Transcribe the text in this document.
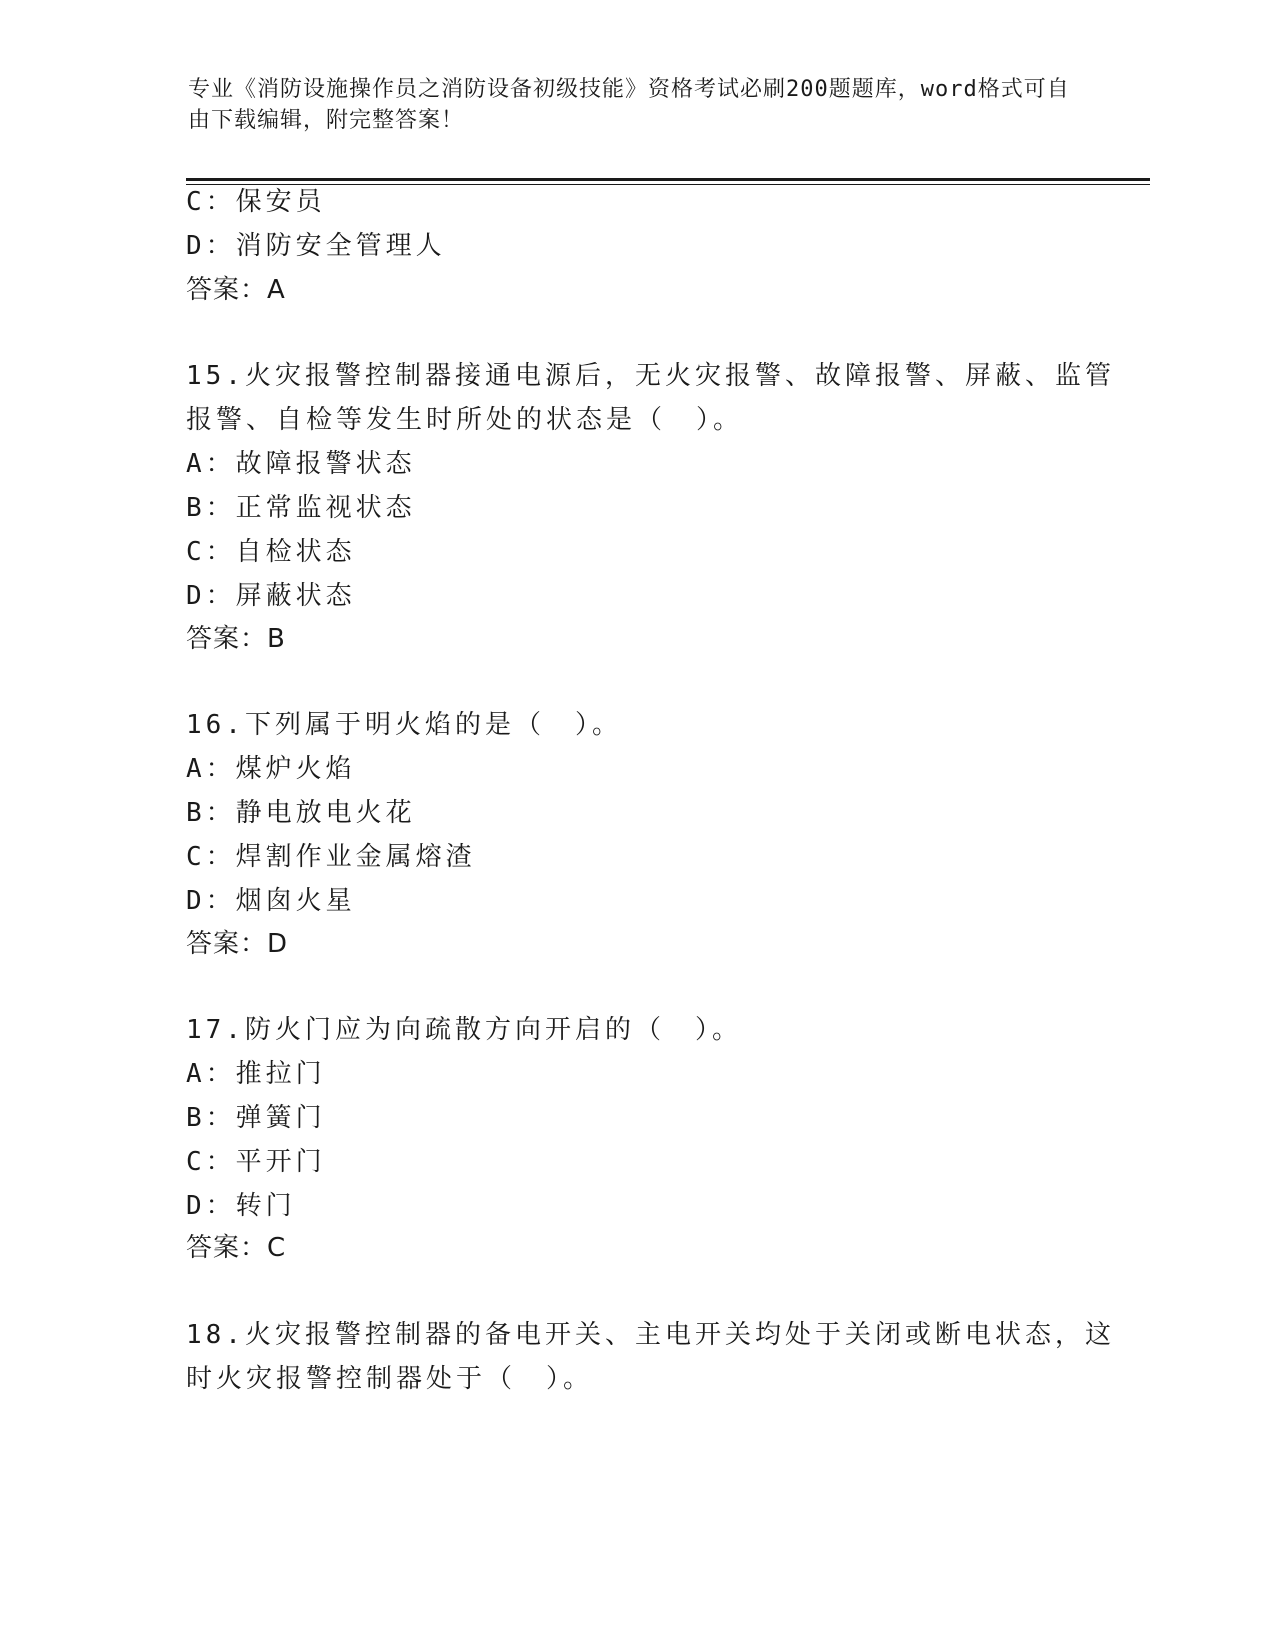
专业《消防设施操作员之消防设备初级技能》资格考试必刷200题题库，word格式可自由下载编辑，附完整答案！
C：保安员
D：消防安全管理人
答案：A
15.火灾报警控制器接通电源后，无火灾报警、故障报警、屏蔽、监管
报警、自检等发生时所处的状态是（　）。
A：故障报警状态
B：正常监视状态
C：自检状态
D：屏蔽状态
答案：B
16.下列属于明火焰的是（　）。
A：煤炉火焰
B：静电放电火花
C：焊割作业金属熔渣
D：烟囱火星
答案：D
17.防火门应为向疏散方向开启的（　）。
A：推拉门
B：弹簧门
C：平开门
D：转门
答案：C
18.火灾报警控制器的备电开关、主电开关均处于关闭或断电状态，这
时火灾报警控制器处于（　）。
